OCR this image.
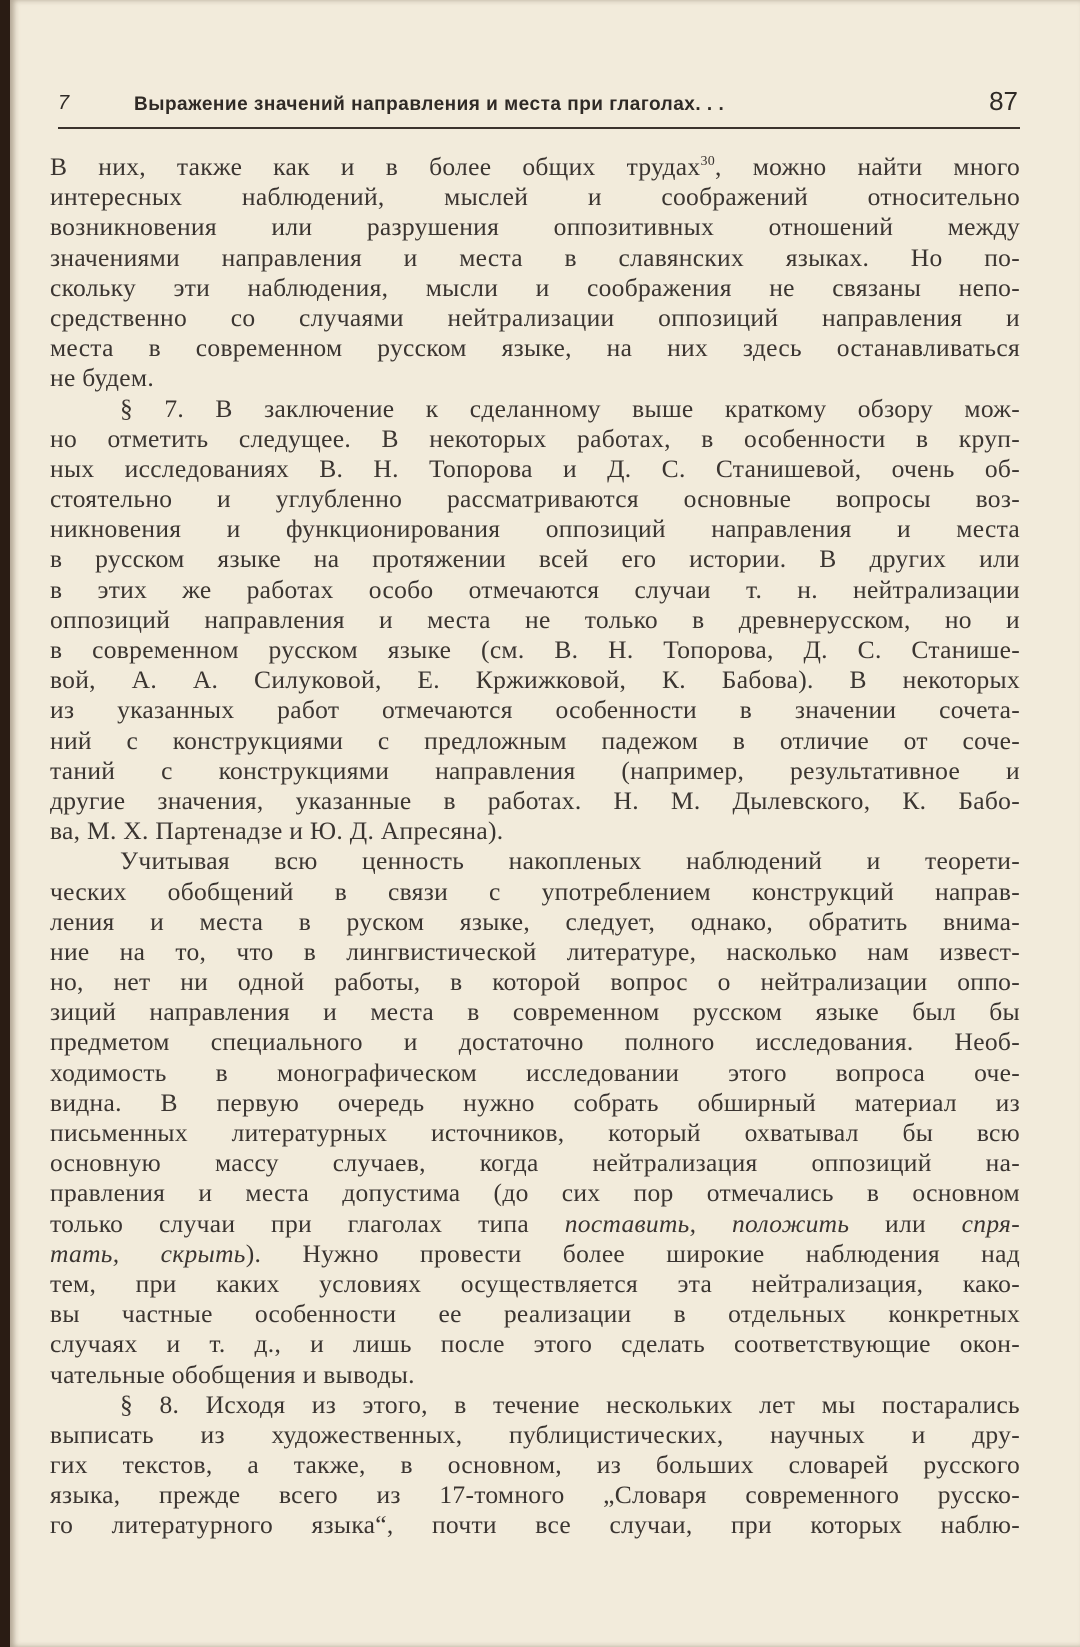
7	Выражение значений направления и места при глаголах. . .	87
В них, также как и в более общих трудах$^{30}$, можно найти много
интересных наблюдений, мыслей и соображений относительно
возникновения или разрушения оппозитивных отношений между
значениями направления и места в славянских языках. Но по-
скольку эти наблюдения, мысли и соображения не связаны непо-
средственно со случаями нейтрализации оппозиций направления и
места в современном русском языке, на них здесь останавливаться
не будем.
§ 7. В заключение к сделанному выше краткому обзору мож-
но отметить следущее. В некоторых работах, в особенности в круп-
ных исследованиях В. Н. Топорова и Д. С. Станишевой, очень об-
стоятельно и углубленно рассматриваются основные вопросы воз-
никновения и функционирования оппозиций направления и места
в русском языке на протяжении всей его истории. В других или
в этих же работах особо отмечаются случаи т. н. нейтрализации
оппозиций направления и места не только в древнерусском, но и
в современном русском языке (см. В. Н. Топорова, Д. С. Станише-
вой, А. А. Силуковой, Е. Кржижковой, К. Бабова). В некоторых
из указанных работ отмечаются особенности в значении сочета-
ний с конструкциями с предложным падежом в отличие от соче-
таний с конструкциями направления (например, результативное и
другие значения, указанные в работах. Н. М. Дылевского, К. Бабо-
ва, М. Х. Партенадзе и Ю. Д. Апресяна).
Учитывая всю ценность накопленых наблюдений и теорети-
ческих обобщений в связи с употреблением конструкций направ-
ления и места в руском языке, следует, однако, обратить внима-
ние на то, что в лингвистической литературе, насколько нам извест-
но, нет ни одной работы, в которой вопрос о нейтрализации оппо-
зиций направления и места в современном русском языке был бы
предметом специального и достаточно полного исследования. Необ-
ходимость в монографическом исследовании этого вопроса оче-
видна. В первую очередь нужно собрать обширный материал из
письменных литературных источников, который охватывал бы всю
основную массу случаев, когда нейтрализация оппозиций на-
правления и места допустима (до сих пор отмечались в основном
только случаи при глаголах типа поставить, положить или спря-
тать, скрыть). Нужно провести более широкие наблюдения над
тем, при каких условиях осуществляется эта нейтрализация, како-
вы частные особенности ее реализации в отдельных конкретных
случаях и т. д., и лишь после этого сделать соответствующие окон-
чательные обобщения и выводы.
§ 8. Исходя из этого, в течение нескольких лет мы постарались
выписать из художественных, публицистических, научных и дру-
гих текстов, а также, в основном, из больших словарей русского
языка, прежде всего из 17-томного „Словаря современного русско-
го литературного языка“, почти все случаи, при которых наблю-
